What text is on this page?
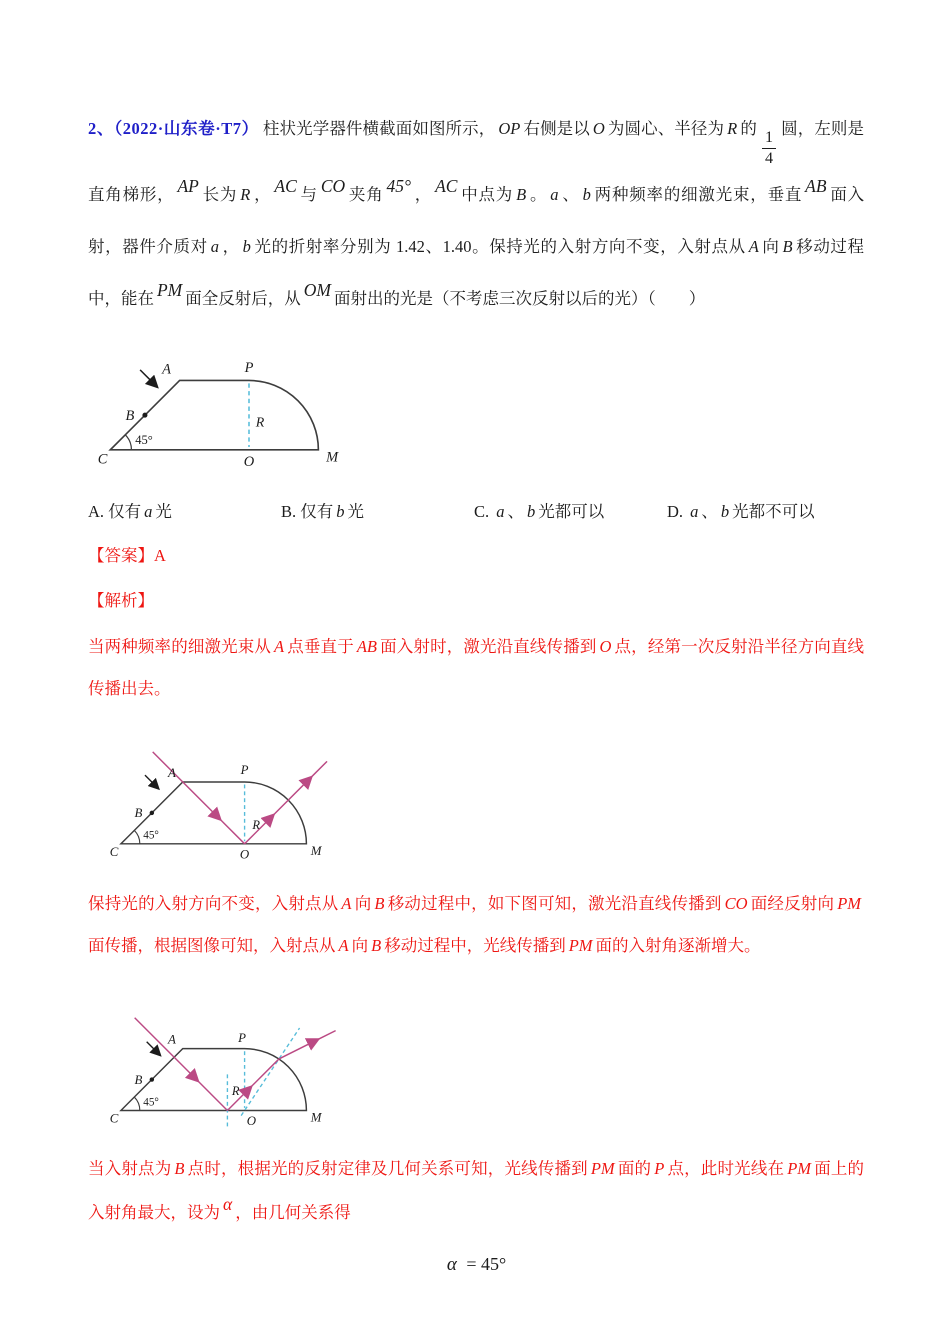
2、（2022·山东卷·T7） 柱状光学器件横截面如图所示， OP 右侧是以 O 为圆心、半径为 R 的
$\frac{1}{4}$
圆，左则是直角梯形， AP 长为 R ， AC 与 CO 夹角 45° ， AC 中点为 B 。 a 、 b 两种频率的细激光束，垂直 AB 面入射，器件介质对 a ， b 光的折射率分别为 1.42、1.40。保持光的入射方向不变，入射点从 A 向 B 移动过程中，能在 PM 面全反射后，从 OM 面射出的光是（不考虑三次反射以后的光）（　　）

A	P
B
C	O	M
R
45°
A. 仅有 a 光	B. 仅有 b 光	C. a 、 b 光都可以	D. a 、 b 光都不可以

【答案】A

【解析】

当两种频率的细激光束从 A 点垂直于 AB 面入射时，激光沿直线传播到 O 点，经第一次反射沿半径方向直线传播出去。

A	P
B
C	O	M
R
45°

保持光的入射方向不变，入射点从 A 向 B 移动过程中，如下图可知，激光沿直线传播到 CO 面经反射向 PM面传播，根据图像可知，入射点从 A 向 B 移动过程中，光线传播到 PM 面的入射角逐渐增大。

A	P
B
C	O	M
R
45°

当入射点为 B 点时，根据光的反射定律及几何关系可知，光线传播到 PM 面的 P 点，此时光线在 PM 面上的入射角最大，设为 α ，由几何关系得

α = 45°
